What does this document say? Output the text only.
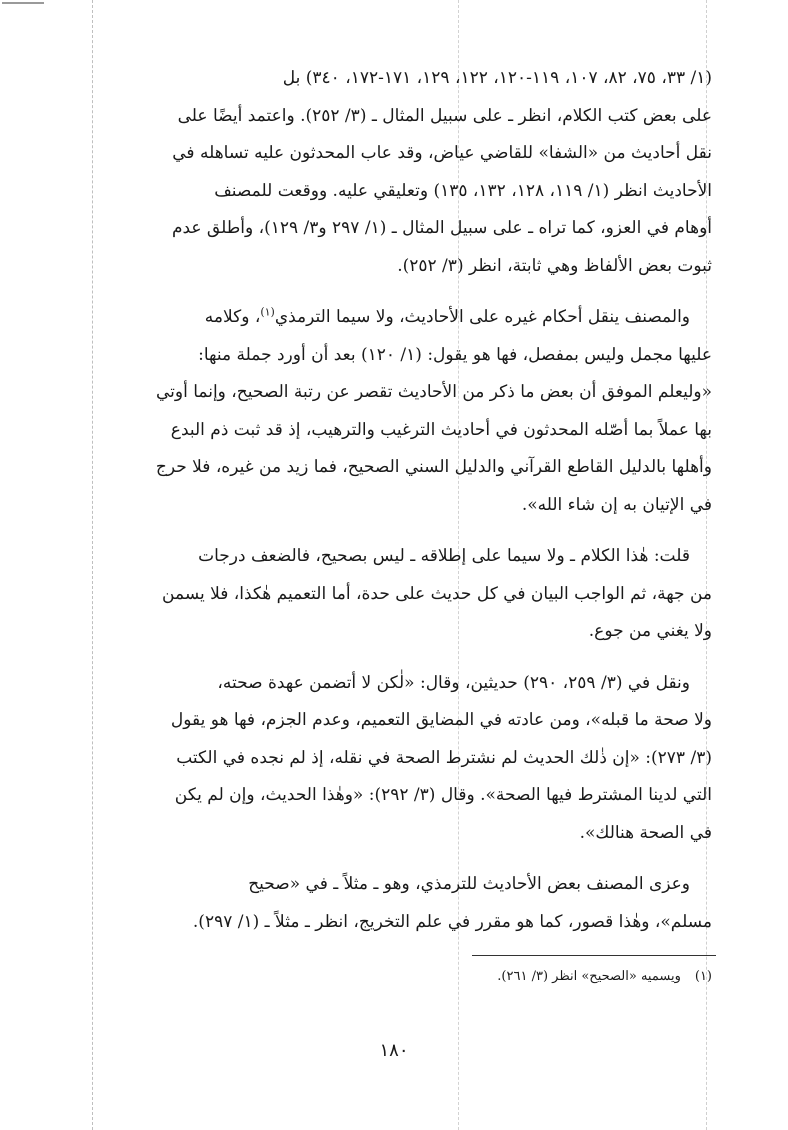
(١/ ٣٣، ٧٥، ٨٢، ١٠٧، ١١٩-١٢٠، ١٢٢، ١٢٩، ١٧١-١٧٢، ٣٤٠) بل
على بعض كتب الكلام، انظر ـ على سبيل المثال ـ (٣/ ٢٥٢). واعتمد أيضًا على
نقل أحاديث من «الشفا» للقاضي عياض، وقد عاب المحدثون عليه تساهله في
الأحاديث انظر (١/ ١١٩، ١٢٨، ١٣٢، ١٣٥) وتعليقي عليه. ووقعت للمصنف
أوهام في العزو، كما تراه ـ على سبيل المثال ـ (١/ ٢٩٧ و٣/ ١٢٩)، وأطلق عدم
ثبوت بعض الألفاظ وهي ثابتة، انظر (٣/ ٢٥٢).

والمصنف ينقل أحكام غيره على الأحاديث، ولا سيما الترمذي$^{(١)}$، وكلامه
عليها مجمل وليس بمفصل، فها هو يقول: (١/ ١٢٠) بعد أن أورد جملة منها:
«وليعلم الموفق أن بعض ما ذكر من الأحاديث تقصر عن رتبة الصحيح، وإنما أوتي
بها عملاً بما أصّله المحدثون في أحاديث الترغيب والترهيب، إذ قد ثبت ذم البدع
وأهلها بالدليل القاطع القرآني والدليل السني الصحيح، فما زيد من غيره، فلا حرج
في الإتيان به إن شاء الله».

قلت: هٰذا الكلام ـ ولا سيما على إطلاقه ـ ليس بصحيح، فالضعف درجات
من جهة، ثم الواجب البيان في كل حديث على حدة، أما التعميم هٰكذا، فلا يسمن
ولا يغني من جوع.

ونقل في (٣/ ٢٥٩، ٢٩٠) حديثين، وقال: «لٰكن لا أتضمن عهدة صحته،
ولا صحة ما قبله»، ومن عادته في المضايق التعميم، وعدم الجزم، فها هو يقول
(٣/ ٢٧٣): «إن ذٰلك الحديث لم نشترط الصحة في نقله، إذ لم نجده في الكتب
التي لدينا المشترط فيها الصحة». وقال (٣/ ٢٩٢): «وهٰذا الحديث، وإن لم يكن
في الصحة هنالك».

وعزى المصنف بعض الأحاديث للترمذي، وهو ـ مثلاً ـ في «صحيح
مسلم»، وهٰذا قصور، كما هو مقرر في علم التخريج، انظر ـ مثلاً ـ (١/ ٢٩٧).

(١)ويسميه «الصحيح» انظر (٣/ ٢٦١).
١٨٠
